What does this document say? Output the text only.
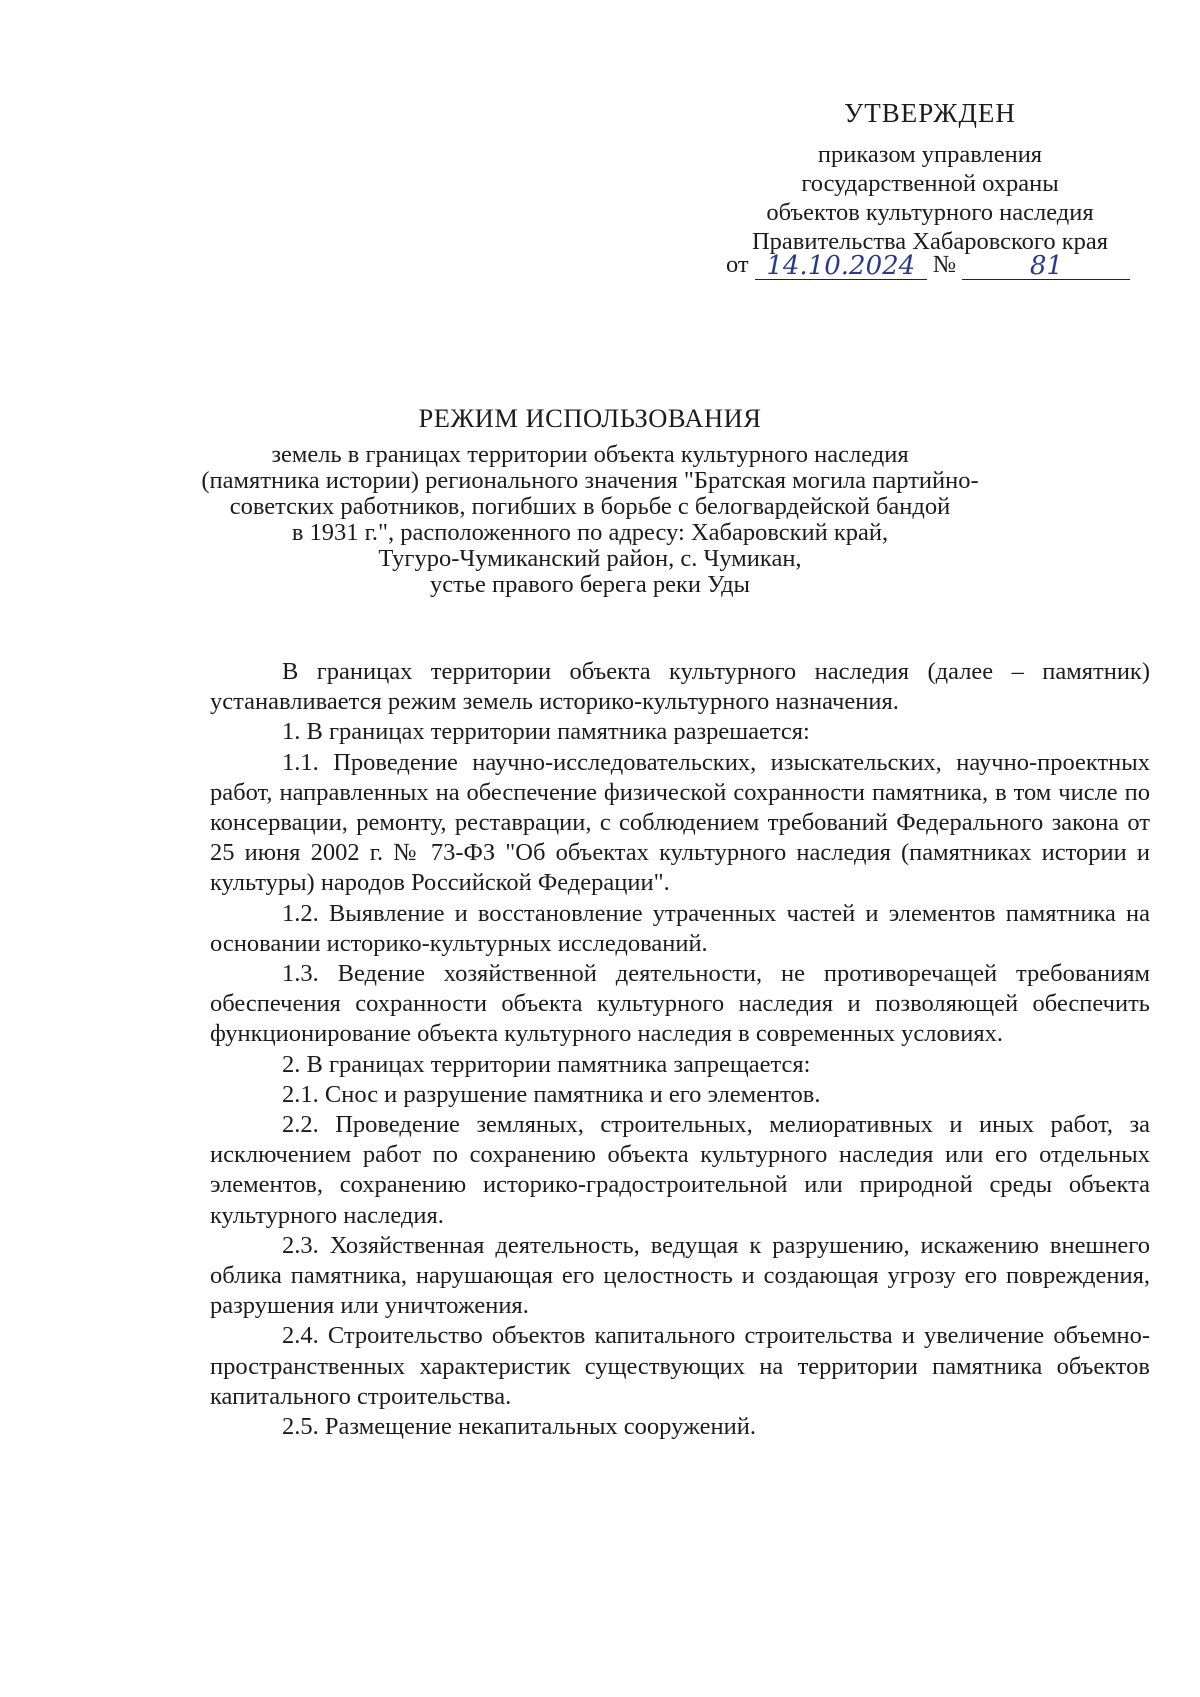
УТВЕРЖДЕН
приказом управления
государственной охраны
объектов культурного наследия
Правительства Хабаровского края
от 14.10.2024 №	81
РЕЖИМ ИСПОЛЬЗОВАНИЯ
земель в границах территории объекта культурного наследия
(памятника истории) регионального значения "Братская могила партийно-
советских работников, погибших в борьбе с белогвардейской бандой
в 1931 г.", расположенного по адресу: Хабаровский край,
Тугуро-Чумиканский район, с. Чумикан,
устье правого берега реки Уды

В границах территории объекта культурного наследия (далее – памятник) устанавливается режим земель историко-культурного назначения.

1. В границах территории памятника разрешается:

1.1. Проведение научно-исследовательских, изыскательских, научно-проектных работ, направленных на обеспечение физической сохранности памятника, в том числе по консервации, ремонту, реставрации, с соблюдением требований Федерального закона от 25 июня 2002 г. № 73-ФЗ "Об объектах культурного наследия (памятниках истории и культуры) народов Российской Федерации".

1.2. Выявление и восстановление утраченных частей и элементов памятника на основании историко-культурных исследований.

1.3. Ведение хозяйственной деятельности, не противоречащей требованиям обеспечения сохранности объекта культурного наследия и позволяющей обеспечить функционирование объекта культурного наследия в современных условиях.

2. В границах территории памятника запрещается:

2.1. Снос и разрушение памятника и его элементов.

2.2. Проведение земляных, строительных, мелиоративных и иных работ, за исключением работ по сохранению объекта культурного наследия или его отдельных элементов, сохранению историко-градостроительной или природной среды объекта культурного наследия.

2.3. Хозяйственная деятельность, ведущая к разрушению, искажению внешнего облика памятника, нарушающая его целостность и создающая угрозу его повреждения, разрушения или уничтожения.

2.4. Строительство объектов капитального строительства и увеличение объемно-пространственных характеристик существующих на территории памятника объектов капитального строительства.

2.5. Размещение некапитальных сооружений.
